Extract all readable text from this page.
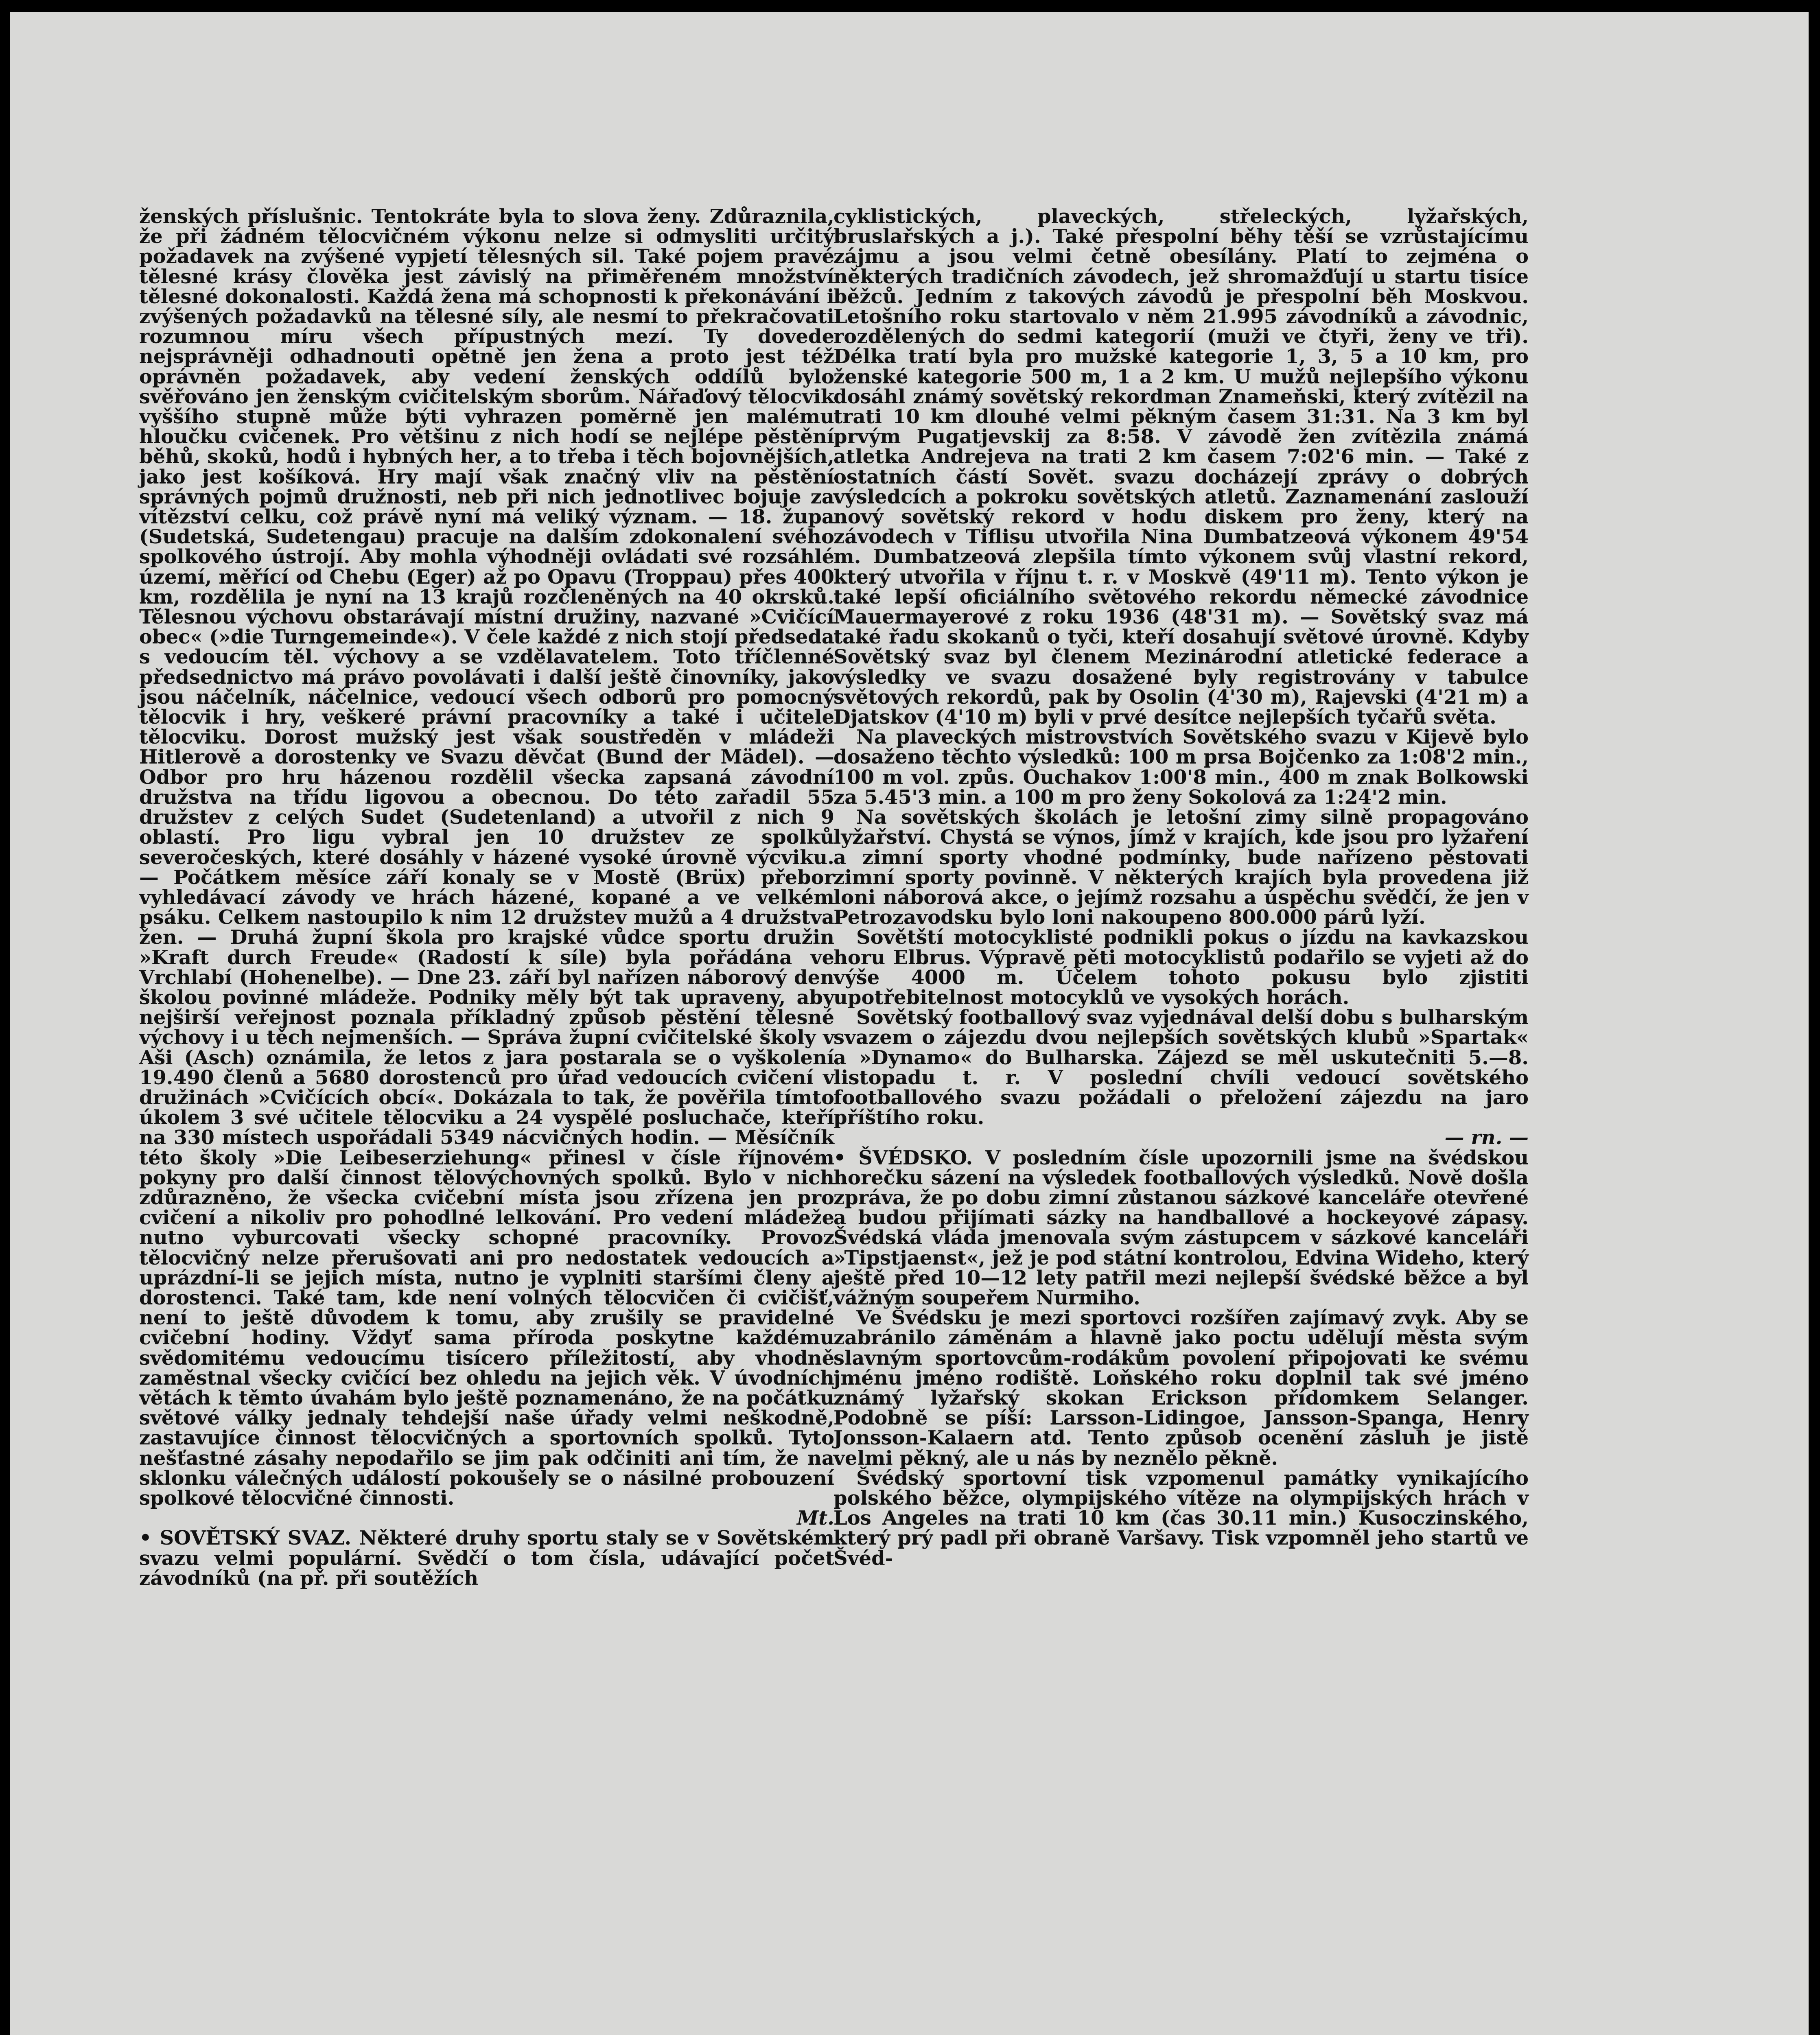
ženských příslušnic. Tentokráte byla to slova ženy. Zdůraznila, že při žádném tělocvičném výkonu nelze si odmysliti určitý požadavek na zvýšené vypjetí tělesných sil. Také pojem pravé tělesné krásy člověka jest závislý na přiměřeném množství tělesné dokonalosti. Každá žena má schopnosti k překonávání i zvýšených požadavků na tělesné síly, ale nesmí to překračovati rozumnou míru všech přípustných mezí. Ty dovede nejsprávněji odhadnouti opětně jen žena a proto jest též oprávněn požadavek, aby vedení ženských oddílů bylo svěřováno jen ženským cvičitelským sborům. Nářaďový tělocvik vyššího stupně může býti vyhrazen poměrně jen malému hloučku cvičenek. Pro většinu z nich hodí se nejlépe pěstění běhů, skoků, hodů i hybných her, a to třeba i těch bojovnějších, jako jest košíková. Hry mají však značný vliv na pěstění správných pojmů družnosti, neb při nich jednotlivec bojuje za vítězství celku, což právě nyní má veliký význam. — 18. župa (Sudetská, Sudetengau) pracuje na dalším zdokonalení svého spolkového ústrojí. Aby mohla výhodněji ovládati své rozsáhlé území, měřící od Chebu (Eger) až po Opavu (Troppau) přes 400 km, rozdělila je nyní na 13 krajů rozčleněných na 40 okrsků. Tělesnou výchovu obstarávají místní družiny, nazvané »Cvičící obec« (»die Turngemeinde«). V čele každé z nich stojí předseda s vedoucím těl. výchovy a se vzdělavatelem. Toto tříčlenné předsednictvo má právo povolávati i další ještě činovníky, jako jsou náčelník, náčelnice, vedoucí všech odborů pro pomocný tělocvik i hry, veškeré právní pracovníky a také i učitele tělocviku. Dorost mužský jest však soustředěn v mládeži Hitlerově a dorostenky ve Svazu děvčat (Bund der Mädel). — Odbor pro hru házenou rozdělil všecka zapsaná závodní družstva na třídu ligovou a obecnou. Do této zařadil 55 družstev z celých Sudet (Sudetenland) a utvořil z nich 9 oblastí. Pro ligu vybral jen 10 družstev ze spolků severočeských, které dosáhly v házené vysoké úrovně výcviku. — Počátkem měsíce září konaly se v Mostě (Brüx) přebor vyhledávací závody ve hrách házené, kopané a ve velkém psáku. Celkem nastoupilo k nim 12 družstev mužů a 4 družstva žen. — Druhá župní škola pro krajské vůdce sportu družin »Kraft durch Freude« (Radostí k síle) byla pořádána ve Vrchlabí (Hohenelbe). — Dne 23. září byl nařízen náborový den školou povinné mládeže. Podniky měly být tak upraveny, aby nejširší veřejnost poznala příkladný způsob pěstění tělesné výchovy i u těch nejmenších. — Správa župní cvičitelské školy v Aši (Asch) oznámila, že letos z jara postarala se o vyškolení 19.490 členů a 5680 dorostenců pro úřad vedoucích cvičení v družinách »Cvičících obcí«. Dokázala to tak, že pověřila tímto úkolem 3 své učitele tělocviku a 24 vyspělé posluchače, kteří na 330 místech uspořádali 5349 nácvičných hodin. — Měsíčník této školy »Die Leibeserziehung« přinesl v čísle říjnovém pokyny pro další činnost tělovýchovných spolků. Bylo v nich zdůrazněno, že všecka cvičební místa jsou zřízena jen pro cvičení a nikoliv pro pohodlné lelkování. Pro vedení mládeže nutno vyburcovati všecky schopné pracovníky. Provoz tělocvičný nelze přerušovati ani pro nedostatek vedoucích a uprázdní-li se jejich místa, nutno je vyplniti staršími členy a dorostenci. Také tam, kde není volných tělocvičen či cvičišť, není to ještě důvodem k tomu, aby zrušily se pravidelné cvičební hodiny. Vždyť sama příroda poskytne každému svědomitému vedoucímu tisícero příležitostí, aby vhodně zaměstnal všecky cvičící bez ohledu na jejich věk. V úvodních větách k těmto úvahám bylo ještě poznamenáno, že na počátku světové války jednaly tehdejší naše úřady velmi neškodně, zastavujíce činnost tělocvičných a sportovních spolků. Tyto nešťastné zásahy nepodařilo se jim pak odčiniti ani tím, že na sklonku válečných událostí pokoušely se o násilné probouzení spolkové tělocvičné činnosti.

Mt.

• SOVĚTSKÝ SVAZ. Některé druhy sportu staly se v Sovětském svazu velmi populární. Svědčí o tom čísla, udávající počet závodníků (na př. při soutěžích

cyklistických, plaveckých, střeleckých, lyžařských, bruslařských a j.). Také přespolní běhy těší se vzrůstajícímu zájmu a jsou velmi četně obesílány. Platí to zejména o některých tradičních závodech, jež shromažďují u startu tisíce běžců. Jedním z takových závodů je přespolní běh Moskvou. Letošního roku startovalo v něm 21.995 závodníků a závodnic, rozdělených do sedmi kategorií (muži ve čtyři, ženy ve tři). Délka tratí byla pro mužské kategorie 1, 3, 5 a 10 km, pro ženské kategorie 500 m, 1 a 2 km. U mužů nejlepšího výkonu dosáhl známý sovětský rekordman Znameňski, který zvítězil na trati 10 km dlouhé velmi pěkným časem 31:31. Na 3 km byl prvým Pugatjevskij za 8:58. V závodě žen zvítězila známá atletka Andrejeva na trati 2 km časem 7:02'6 min. — Také z ostatních částí Sovět. svazu docházejí zprávy o dobrých výsledcích a pokroku sovětských atletů. Zaznamenání zaslouží nový sovětský rekord v hodu diskem pro ženy, který na závodech v Tiflisu utvořila Nina Dumbatzeová výkonem 49'54 m. Dumbatzeová zlepšila tímto výkonem svůj vlastní rekord, který utvořila v říjnu t. r. v Moskvě (49'11 m). Tento výkon je také lepší oficiálního světového rekordu německé závodnice Mauermayerové z roku 1936 (48'31 m). — Sovětský svaz má také řadu skokanů o tyči, kteří dosahují světové úrovně. Kdyby Sovětský svaz byl členem Mezinárodní atletické federace a výsledky ve svazu dosažené byly registrovány v tabulce světových rekordů, pak by Osolin (4'30 m), Rajevski (4'21 m) a Djatskov (4'10 m) byli v prvé desítce nejlepších tyčařů světa.

Na plaveckých mistrovstvích Sovětského svazu v Kijevě bylo dosaženo těchto výsledků: 100 m prsa Bojčenko za 1:08'2 min., 100 m vol. způs. Ouchakov 1:00'8 min., 400 m znak Bolkowski za 5.45'3 min. a 100 m pro ženy Sokolová za 1:24'2 min.

Na sovětských školách je letošní zimy silně propagováno lyžařství. Chystá se výnos, jímž v krajích, kde jsou pro lyžaření a zimní sporty vhodné podmínky, bude nařízeno pěstovati zimní sporty povinně. V některých krajích byla provedena již loni náborová akce, o jejímž rozsahu a úspěchu svědčí, že jen v Petrozavodsku bylo loni nakoupeno 800.000 párů lyží.

Sovětští motocyklisté podnikli pokus o jízdu na kavkazskou horu Elbrus. Výpravě pěti motocyklistů podařilo se vyjeti až do výše 4000 m. Účelem tohoto pokusu bylo zjistiti upotřebitelnost motocyklů ve vysokých horách.

Sovětský footballový svaz vyjednával delší dobu s bulharským svazem o zájezdu dvou nejlepších sovětských klubů »Spartak« a »Dynamo« do Bulharska. Zájezd se měl uskutečniti 5.—8. listopadu t. r. V poslední chvíli vedoucí sovětského footballového svazu požádali o přeložení zájezdu na jaro příštího roku.

— rn. —

• ŠVÉDSKO. V posledním čísle upozornili jsme na švédskou horečku sázení na výsledek footballových výsledků. Nově došla zpráva, že po dobu zimní zůstanou sázkové kanceláře otevřené a budou přijímati sázky na handballové a hockeyové zápasy. Švédská vláda jmenovala svým zástupcem v sázkové kanceláři »Tipstjaenst«, jež je pod státní kontrolou, Edvina Wideho, který ještě před 10—12 lety patřil mezi nejlepší švédské běžce a byl vážným soupeřem Nurmiho.

Ve Švédsku je mezi sportovci rozšířen zajímavý zvyk. Aby se zabránilo záměnám a hlavně jako poctu udělují města svým slavným sportovcům-rodákům povolení připojovati ke svému jménu jméno rodiště. Loňského roku doplnil tak své jméno známý lyžařský skokan Erickson přídomkem Selanger. Podobně se píší: Larsson-Lidingoe, Jansson-Spanga, Henry Jonsson-Kalaern atd. Tento způsob ocenění zásluh je jistě velmi pěkný, ale u nás by neznělo pěkně.

Švédský sportovní tisk vzpomenul památky vynikajícího polského běžce, olympijského vítěze na olympijských hrách v Los Angeles na trati 10 km (čas 30.11 min.) Kusoczinského, který prý padl při obraně Varšavy. Tisk vzpomněl jeho startů ve Švéd-
